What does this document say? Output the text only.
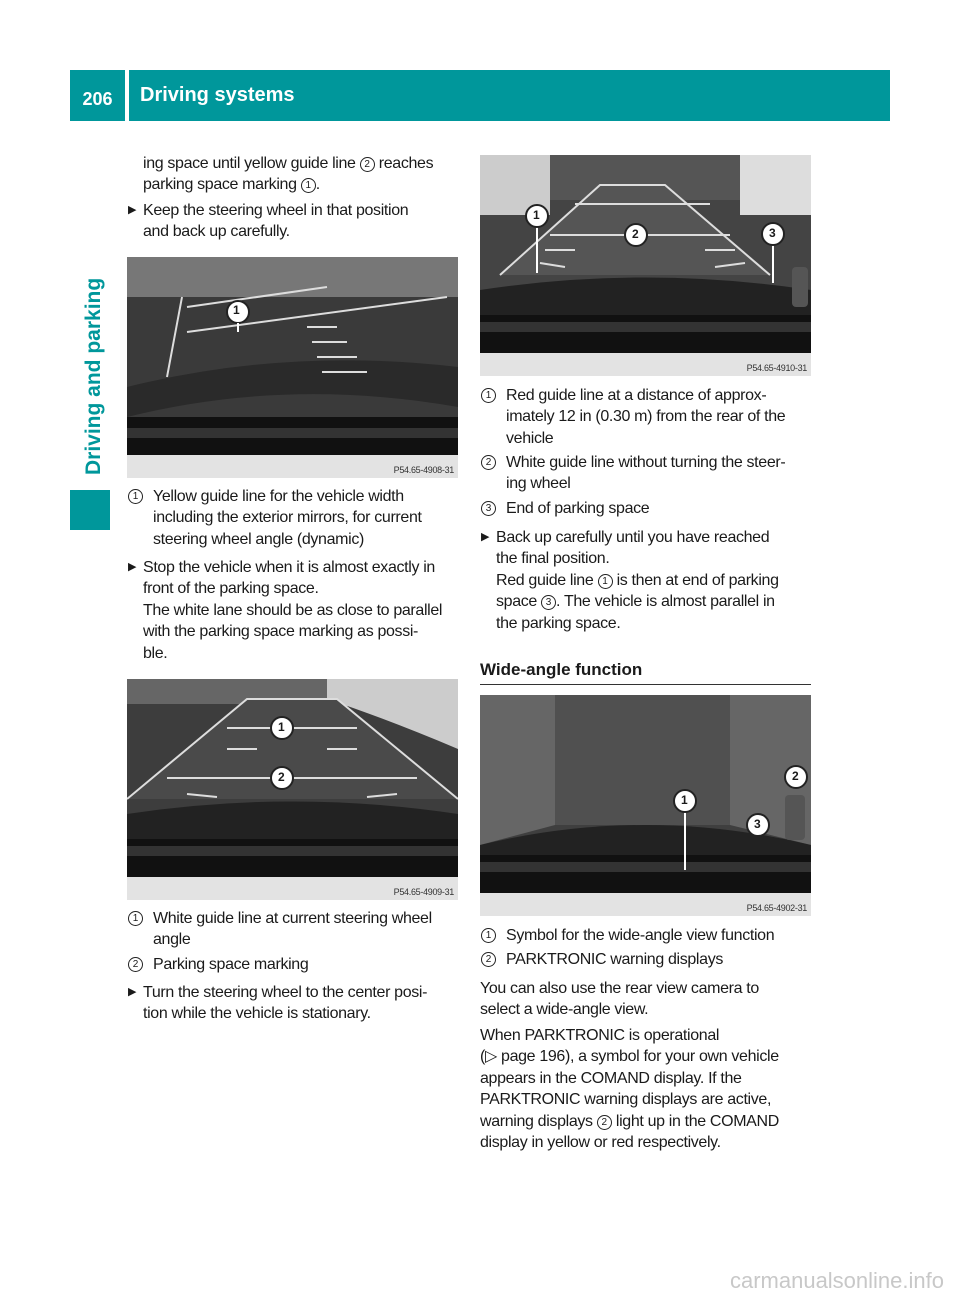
206	Driving systems
Driving and parking
ing space until yellow guide line 2 reaches
parking space marking 1 .
▶ Keep the steering wheel in that position
and back up carefully.
P54.65-4908-31
1
1 Yellow guide line for the vehicle width
including the exterior mirrors, for current
steering wheel angle (dynamic)
▶ Stop the vehicle when it is almost exactly in
front of the parking space.
The white lane should be as close to parallel
with the parking space marking as possi-
ble.
P54.65-4909-31
1
2
1 White guide line at current steering wheel
angle
2 Parking space marking
▶ Turn the steering wheel to the center posi-
tion while the vehicle is stationary.
P54.65-4910-31
1
2	3
1 Red guide line at a distance of approx-
imately 12 in (0.30 m) from the rear of the
vehicle
2 White guide line without turning the steer-
ing wheel
3 End of parking space
▶ Back up carefully until you have reached
the final position.
Red guide line 1 is then at end of parking
space 3 . The vehicle is almost parallel in
the parking space.
Wide-angle function
P54.65-4902-31
1
2
3
1 Symbol for the wide-angle view function
2 PARKTRONIC warning displays
You can also use the rear view camera to
select a wide-angle view.
When PARKTRONIC is operational
(▷ page 196), a symbol for your own vehicle
appears in the COMAND display. If the
PARKTRONIC warning displays are active,
warning displays 2 light up in the COMAND
display in yellow or red respectively.
carmanualsonline.info
